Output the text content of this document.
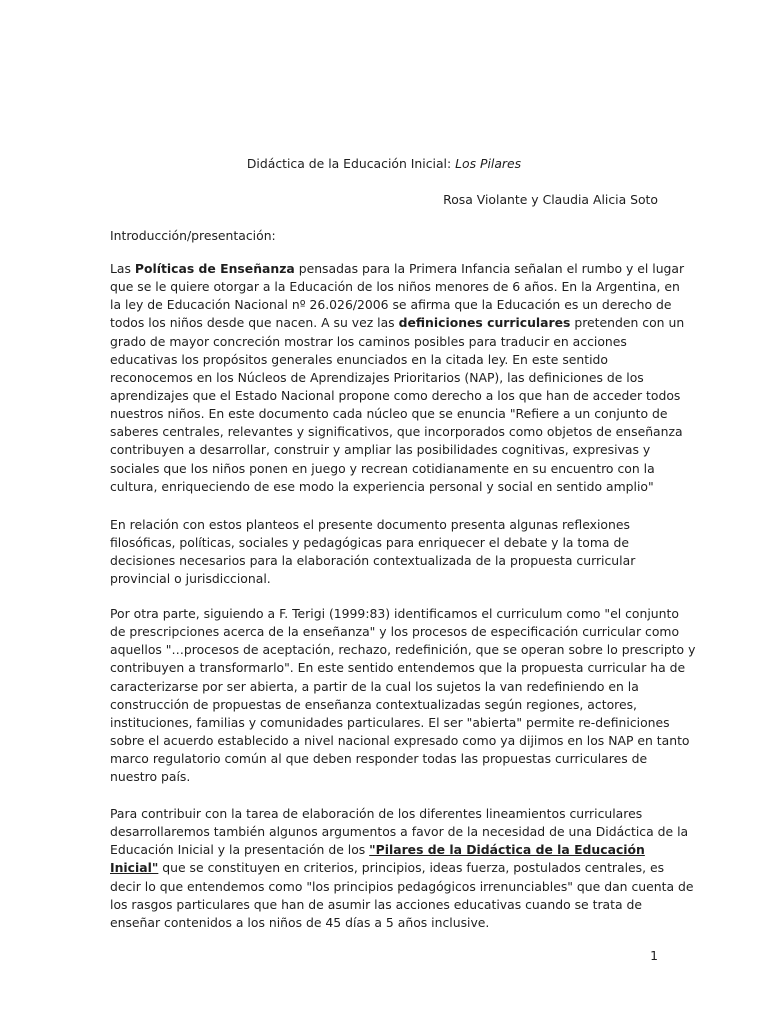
Didáctica de la Educación Inicial: Los Pilares
Rosa Violante y Claudia Alicia Soto
Introducción/presentación:
Las Políticas de Enseñanza pensadas para la Primera Infancia señalan el rumbo y el lugar
que se le quiere otorgar a la Educación de los niños menores de 6 años. En la Argentina, en
la ley de Educación Nacional nº 26.026/2006 se afirma que la Educación es un derecho de
todos los niños desde que nacen. A su vez las definiciones curriculares pretenden con un
grado de mayor concreción mostrar los caminos posibles para traducir en acciones
educativas los propósitos generales enunciados en la citada ley. En este sentido
reconocemos en los Núcleos de Aprendizajes Prioritarios (NAP), las definiciones de los
aprendizajes que el Estado Nacional propone como derecho a los que han de acceder todos
nuestros niños. En este documento cada núcleo que se enuncia "Refiere a un conjunto de
saberes centrales, relevantes y significativos, que incorporados como objetos de enseñanza
contribuyen a desarrollar, construir y ampliar las posibilidades cognitivas, expresivas y
sociales que los niños ponen en juego y recrean cotidianamente en su encuentro con la
cultura, enriqueciendo de ese modo la experiencia personal y social en sentido amplio"
En relación con estos planteos el presente documento presenta algunas reflexiones
filosóficas, políticas, sociales y pedagógicas para enriquecer el debate y la toma de
decisiones necesarios para la elaboración contextualizada de la propuesta curricular
provincial o jurisdiccional.
Por otra parte, siguiendo a F. Terigi (1999:83) identificamos el curriculum como "el conjunto
de prescripciones acerca de la enseñanza" y los procesos de especificación curricular como
aquellos "…procesos de aceptación, rechazo, redefinición, que se operan sobre lo prescripto y
contribuyen a transformarlo". En este sentido entendemos que la propuesta curricular ha de
caracterizarse por ser abierta, a partir de la cual los sujetos la van redefiniendo en la
construcción de propuestas de enseñanza contextualizadas según regiones, actores,
instituciones, familias y comunidades particulares. El ser "abierta" permite re-definiciones
sobre el acuerdo establecido a nivel nacional expresado como ya dijimos en los NAP en tanto
marco regulatorio común al que deben responder todas las propuestas curriculares de
nuestro país.
Para contribuir con la tarea de elaboración de los diferentes lineamientos curriculares
desarrollaremos también algunos argumentos a favor de la necesidad de una Didáctica de la
Educación Inicial y la presentación de los "Pilares de la Didáctica de la Educación
Inicial" que se constituyen en criterios, principios, ideas fuerza, postulados centrales, es
decir lo que entendemos como "los principios pedagógicos irrenunciables" que dan cuenta de
los rasgos particulares que han de asumir las acciones educativas cuando se trata de
enseñar contenidos a los niños de 45 días a 5 años inclusive.
1
